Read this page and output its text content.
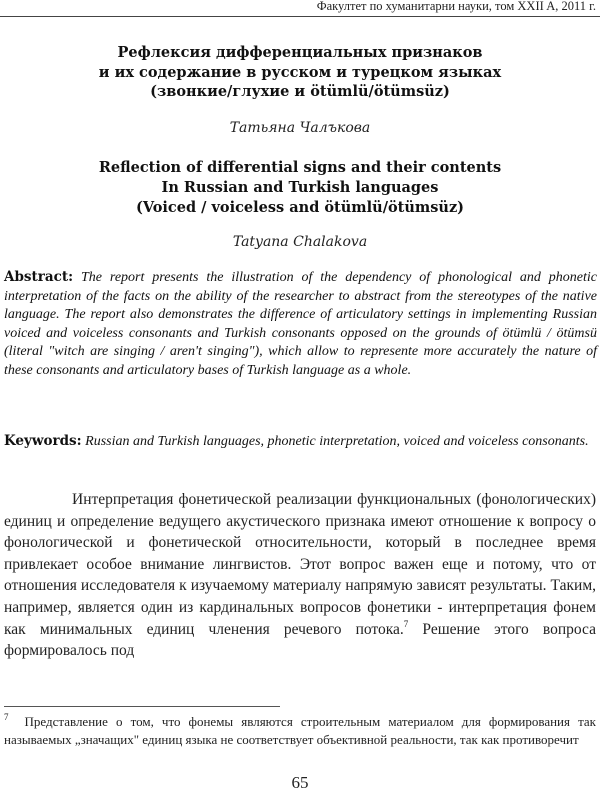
Факултет по хуманитарни науки, том XXII A, 2011 г.
Рефлексия дифференциальных признаков
и их содержание в русском и турецком языках
(звонкие/глухие и ötümlü/ötümsüz)
Татьяна Чалъкова
Reflection of differential signs and their contents
In Russian and Turkish languages
(Voiced / voiceless and ötümlü/ötümsüz)
Tatyana Chalakova
Abstract: The report presents the illustration of the dependency of phonological and phonetic interpretation of the facts on the ability of the researcher to abstract from the stereotypes of the native language. The report also demonstrates the difference of articulatory settings in implementing Russian voiced and voiceless consonants and Turkish consonants opposed on the grounds of ötümlü / ötümsü (literal "witch are singing / aren't singing"), which allow to represente more accurately the nature of these consonants and articulatory bases of Turkish language as a whole.
Keywords: Russian and Turkish languages, phonetic interpretation, voiced and voiceless consonants.
Интерпретация фонетической реализации функциональных (фонологических) единиц и определение ведущего акустического признака имеют отношение к вопросу о фонологической и фонетической относительности, который в последнее время привлекает особое внимание лингвистов. Этот вопрос важен еще и потому, что от отношения исследователя к изучаемому материалу напрямую зависят результаты. Таким, например, является один из кардинальных вопросов фонетики - интерпретация фонем как минимальных единиц членения речевого потока.$^7$ Решение этого вопроса формировалось под
$^7$ Представление о том, что фонемы являются строительным материалом для формирования так называемых „значащих" единиц языка не соответствует объективной реальности, так как противоречит
65
